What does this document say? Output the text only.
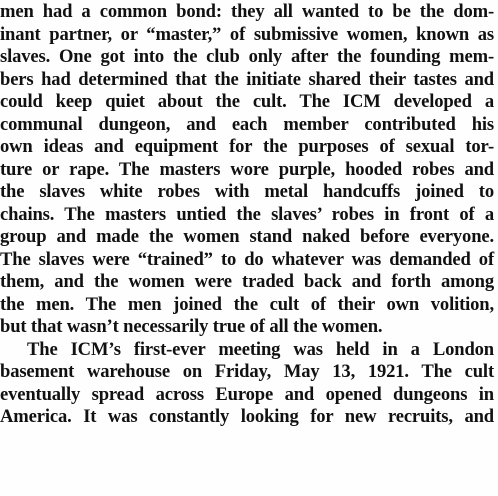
men had a common bond: they all wanted to be the dom-
inant partner, or “master,” of submissive women, known as
slaves. One got into the club only after the founding mem-
bers had determined that the initiate shared their tastes and
could keep quiet about the cult. The ICM developed a
communal dungeon, and each member contributed his
own ideas and equipment for the purposes of sexual tor-
ture or rape. The masters wore purple, hooded robes and
the slaves white robes with metal handcuffs joined to
chains. The masters untied the slaves’ robes in front of a
group and made the women stand naked before everyone.
The slaves were “trained” to do whatever was demanded of
them, and the women were traded back and forth among
the men. The men joined the cult of their own volition,
but that wasn’t necessarily true of all the women.
The ICM’s first-ever meeting was held in a London
basement warehouse on Friday, May 13, 1921. The cult
eventually spread across Europe and opened dungeons in
America. It was constantly looking for new recruits, and
